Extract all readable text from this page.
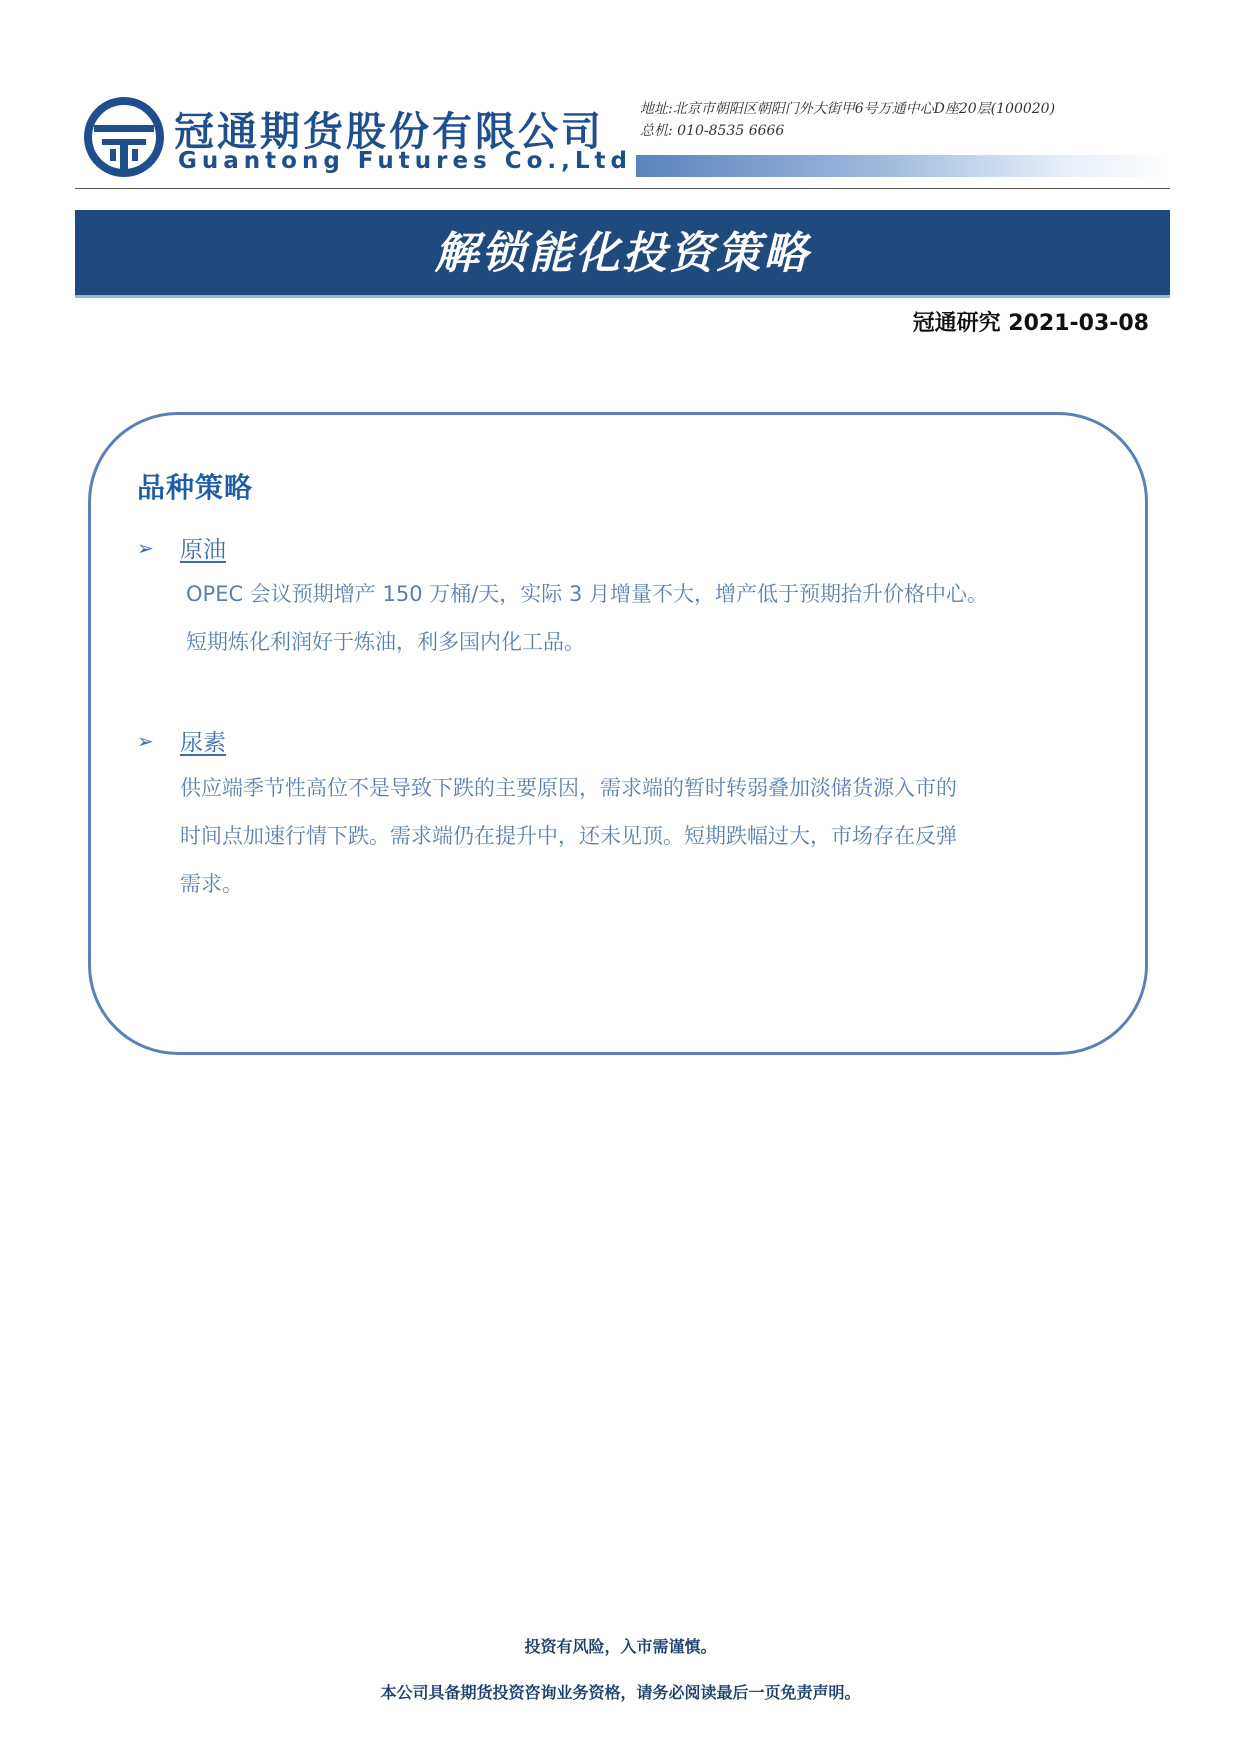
冠通期货股份有限公司
Guantong Futures Co.,Ltd
地址:北京市朝阳区朝阳门外大街甲6号万通中心D座20层(100020)
总机: 010-8535 6666
解锁能化投资策略
冠通研究 2021-03-08
品种策略
➢ 原油

OPEC 会议预期增产 150 万桶/天，实际 3 月增量不大，增产低于预期抬升价格中心。

短期炼化利润好于炼油，利多国内化工品。

➢ 尿素

供应端季节性高位不是导致下跌的主要原因，需求端的暂时转弱叠加淡储货源入市的

时间点加速行情下跌。需求端仍在提升中，还未见顶。短期跌幅过大，市场存在反弹

需求。

投资有风险，入市需谨慎。
本公司具备期货投资咨询业务资格，请务必阅读最后一页免责声明。
